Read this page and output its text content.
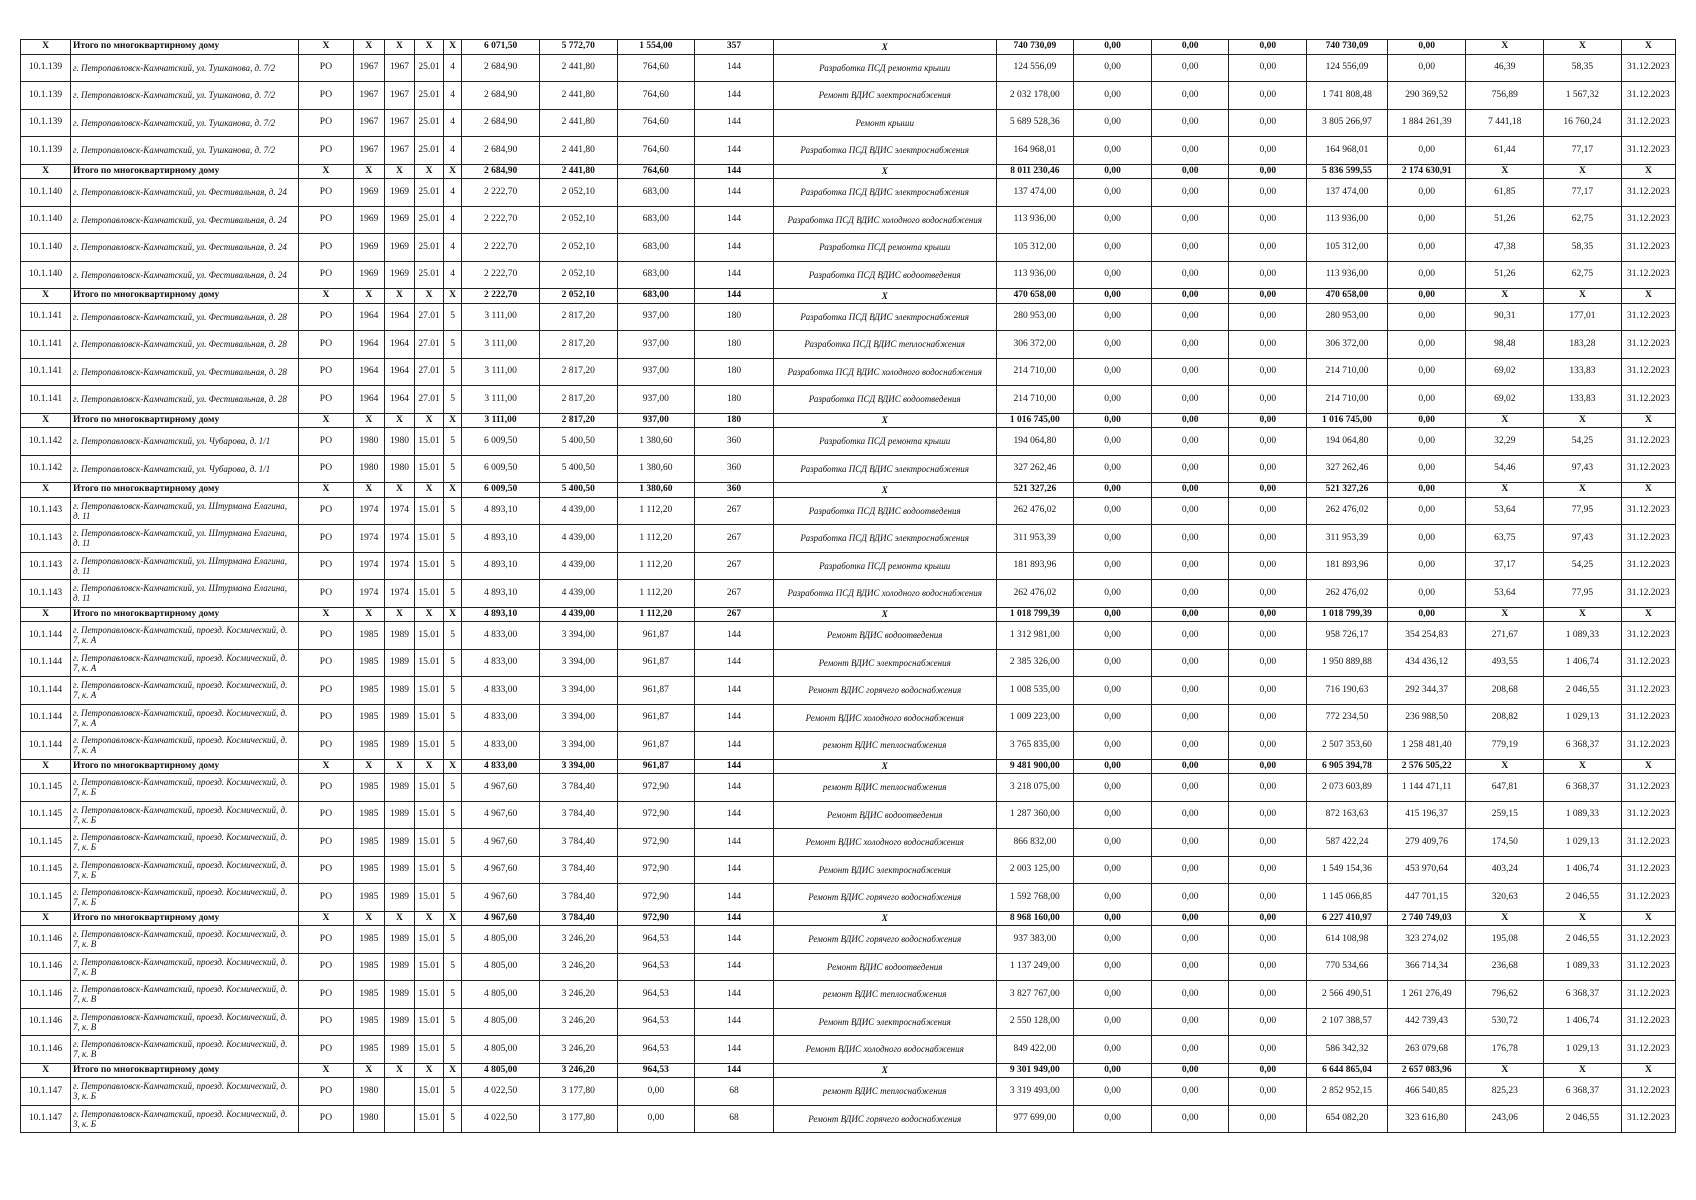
X	Итого по многоквартирному дому	X	X	X	X	X	6 071,50	5 772,70	1 554,00	357	X	740 730,09	0,00	0,00	0,00	740 730,09	0,00	X	X	X
10.1.139	г. Петропавловск-Камчатский, ул. Тушканова, д. 7/2	РО	1967	1967	25.01	4	2 684,90	2 441,80	764,60	144	Разработка ПСД ремонта крыши	124 556,09	0,00	0,00	0,00	124 556,09	0,00	46,39	58,35	31.12.2023
10.1.139	г. Петропавловск-Камчатский, ул. Тушканова, д. 7/2	РО	1967	1967	25.01	4	2 684,90	2 441,80	764,60	144	Ремонт ВДИС электроснабжения	2 032 178,00	0,00	0,00	0,00	1 741 808,48	290 369,52	756,89	1 567,32	31.12.2023
10.1.139	г. Петропавловск-Камчатский, ул. Тушканова, д. 7/2	РО	1967	1967	25.01	4	2 684,90	2 441,80	764,60	144	Ремонт крыши	5 689 528,36	0,00	0,00	0,00	3 805 266,97	1 884 261,39	7 441,18	16 760,24	31.12.2023
10.1.139	г. Петропавловск-Камчатский, ул. Тушканова, д. 7/2	РО	1967	1967	25.01	4	2 684,90	2 441,80	764,60	144	Разработка ПСД ВДИС электроснабжения	164 968,01	0,00	0,00	0,00	164 968,01	0,00	61,44	77,17	31.12.2023
X	Итого по многоквартирному дому	X	X	X	X	X	2 684,90	2 441,80	764,60	144	X	8 011 230,46	0,00	0,00	0,00	5 836 599,55	2 174 630,91	X	X	X
10.1.140	г. Петропавловск-Камчатский, ул. Фестивальная, д. 24	РО	1969	1969	25.01	4	2 222,70	2 052,10	683,00	144	Разработка ПСД ВДИС электроснабжения	137 474,00	0,00	0,00	0,00	137 474,00	0,00	61,85	77,17	31.12.2023
10.1.140	г. Петропавловск-Камчатский, ул. Фестивальная, д. 24	РО	1969	1969	25.01	4	2 222,70	2 052,10	683,00	144	Разработка ПСД ВДИС холодного водоснабжения	113 936,00	0,00	0,00	0,00	113 936,00	0,00	51,26	62,75	31.12.2023
10.1.140	г. Петропавловск-Камчатский, ул. Фестивальная, д. 24	РО	1969	1969	25.01	4	2 222,70	2 052,10	683,00	144	Разработка ПСД ремонта крыши	105 312,00	0,00	0,00	0,00	105 312,00	0,00	47,38	58,35	31.12.2023
10.1.140	г. Петропавловск-Камчатский, ул. Фестивальная, д. 24	РО	1969	1969	25.01	4	2 222,70	2 052,10	683,00	144	Разработка ПСД ВДИС водоотведения	113 936,00	0,00	0,00	0,00	113 936,00	0,00	51,26	62,75	31.12.2023
X	Итого по многоквартирному дому	X	X	X	X	X	2 222,70	2 052,10	683,00	144	X	470 658,00	0,00	0,00	0,00	470 658,00	0,00	X	X	X
10.1.141	г. Петропавловск-Камчатский, ул. Фестивальная, д. 28	РО	1964	1964	27.01	5	3 111,00	2 817,20	937,00	180	Разработка ПСД ВДИС электроснабжения	280 953,00	0,00	0,00	0,00	280 953,00	0,00	90,31	177,01	31.12.2023
10.1.141	г. Петропавловск-Камчатский, ул. Фестивальная, д. 28	РО	1964	1964	27.01	5	3 111,00	2 817,20	937,00	180	Разработка ПСД ВДИС теплоснабжения	306 372,00	0,00	0,00	0,00	306 372,00	0,00	98,48	183,28	31.12.2023
10.1.141	г. Петропавловск-Камчатский, ул. Фестивальная, д. 28	РО	1964	1964	27.01	5	3 111,00	2 817,20	937,00	180	Разработка ПСД ВДИС холодного водоснабжения	214 710,00	0,00	0,00	0,00	214 710,00	0,00	69,02	133,83	31.12.2023
10.1.141	г. Петропавловск-Камчатский, ул. Фестивальная, д. 28	РО	1964	1964	27.01	5	3 111,00	2 817,20	937,00	180	Разработка ПСД ВДИС водоотведения	214 710,00	0,00	0,00	0,00	214 710,00	0,00	69,02	133,83	31.12.2023
X	Итого по многоквартирному дому	X	X	X	X	X	3 111,00	2 817,20	937,00	180	X	1 016 745,00	0,00	0,00	0,00	1 016 745,00	0,00	X	X	X
10.1.142	г. Петропавловск-Камчатский, ул. Чубарова, д. 1/1	РО	1980	1980	15.01	5	6 009,50	5 400,50	1 380,60	360	Разработка ПСД ремонта крыши	194 064,80	0,00	0,00	0,00	194 064,80	0,00	32,29	54,25	31.12.2023
10.1.142	г. Петропавловск-Камчатский, ул. Чубарова, д. 1/1	РО	1980	1980	15.01	5	6 009,50	5 400,50	1 380,60	360	Разработка ПСД ВДИС электроснабжения	327 262,46	0,00	0,00	0,00	327 262,46	0,00	54,46	97,43	31.12.2023
X	Итого по многоквартирному дому	X	X	X	X	X	6 009,50	5 400,50	1 380,60	360	X	521 327,26	0,00	0,00	0,00	521 327,26	0,00	X	X	X
10.1.143	г. Петропавловск-Камчатский, ул. Штурмана Елагина, д. 11	РО	1974	1974	15.01	5	4 893,10	4 439,00	1 112,20	267	Разработка ПСД ВДИС водоотведения	262 476,02	0,00	0,00	0,00	262 476,02	0,00	53,64	77,95	31.12.2023
10.1.143	г. Петропавловск-Камчатский, ул. Штурмана Елагина, д. 11	РО	1974	1974	15.01	5	4 893,10	4 439,00	1 112,20	267	Разработка ПСД ВДИС электроснабжения	311 953,39	0,00	0,00	0,00	311 953,39	0,00	63,75	97,43	31.12.2023
10.1.143	г. Петропавловск-Камчатский, ул. Штурмана Елагина, д. 11	РО	1974	1974	15.01	5	4 893,10	4 439,00	1 112,20	267	Разработка ПСД ремонта крыши	181 893,96	0,00	0,00	0,00	181 893,96	0,00	37,17	54,25	31.12.2023
10.1.143	г. Петропавловск-Камчатский, ул. Штурмана Елагина, д. 11	РО	1974	1974	15.01	5	4 893,10	4 439,00	1 112,20	267	Разработка ПСД ВДИС холодного водоснабжения	262 476,02	0,00	0,00	0,00	262 476,02	0,00	53,64	77,95	31.12.2023
X	Итого по многоквартирному дому	X	X	X	X	X	4 893,10	4 439,00	1 112,20	267	X	1 018 799,39	0,00	0,00	0,00	1 018 799,39	0,00	X	X	X
10.1.144	г. Петропавловск-Камчатский, проезд. Космический, д. 7, к. А	РО	1985	1989	15.01	5	4 833,00	3 394,00	961,87	144	Ремонт ВДИС водоотведения	1 312 981,00	0,00	0,00	0,00	958 726,17	354 254,83	271,67	1 089,33	31.12.2023
10.1.144	г. Петропавловск-Камчатский, проезд. Космический, д. 7, к. А	РО	1985	1989	15.01	5	4 833,00	3 394,00	961,87	144	Ремонт ВДИС электроснабжения	2 385 326,00	0,00	0,00	0,00	1 950 889,88	434 436,12	493,55	1 406,74	31.12.2023
10.1.144	г. Петропавловск-Камчатский, проезд. Космический, д. 7, к. А	РО	1985	1989	15.01	5	4 833,00	3 394,00	961,87	144	Ремонт ВДИС горячего водоснабжения	1 008 535,00	0,00	0,00	0,00	716 190,63	292 344,37	208,68	2 046,55	31.12.2023
10.1.144	г. Петропавловск-Камчатский, проезд. Космический, д. 7, к. А	РО	1985	1989	15.01	5	4 833,00	3 394,00	961,87	144	Ремонт ВДИС холодного водоснабжения	1 009 223,00	0,00	0,00	0,00	772 234,50	236 988,50	208,82	1 029,13	31.12.2023
10.1.144	г. Петропавловск-Камчатский, проезд. Космический, д. 7, к. А	РО	1985	1989	15.01	5	4 833,00	3 394,00	961,87	144	ремонт ВДИС теплоснабжения	3 765 835,00	0,00	0,00	0,00	2 507 353,60	1 258 481,40	779,19	6 368,37	31.12.2023
X	Итого по многоквартирному дому	X	X	X	X	X	4 833,00	3 394,00	961,87	144	X	9 481 900,00	0,00	0,00	0,00	6 905 394,78	2 576 505,22	X	X	X
10.1.145	г. Петропавловск-Камчатский, проезд. Космический, д. 7, к. Б	РО	1985	1989	15.01	5	4 967,60	3 784,40	972,90	144	ремонт ВДИС теплоснабжения	3 218 075,00	0,00	0,00	0,00	2 073 603,89	1 144 471,11	647,81	6 368,37	31.12.2023
10.1.145	г. Петропавловск-Камчатский, проезд. Космический, д. 7, к. Б	РО	1985	1989	15.01	5	4 967,60	3 784,40	972,90	144	Ремонт ВДИС водоотведения	1 287 360,00	0,00	0,00	0,00	872 163,63	415 196,37	259,15	1 089,33	31.12.2023
10.1.145	г. Петропавловск-Камчатский, проезд. Космический, д. 7, к. Б	РО	1985	1989	15.01	5	4 967,60	3 784,40	972,90	144	Ремонт ВДИС холодного водоснабжения	866 832,00	0,00	0,00	0,00	587 422,24	279 409,76	174,50	1 029,13	31.12.2023
10.1.145	г. Петропавловск-Камчатский, проезд. Космический, д. 7, к. Б	РО	1985	1989	15.01	5	4 967,60	3 784,40	972,90	144	Ремонт ВДИС электроснабжения	2 003 125,00	0,00	0,00	0,00	1 549 154,36	453 970,64	403,24	1 406,74	31.12.2023
10.1.145	г. Петропавловск-Камчатский, проезд. Космический, д. 7, к. Б	РО	1985	1989	15.01	5	4 967,60	3 784,40	972,90	144	Ремонт ВДИС горячего водоснабжения	1 592 768,00	0,00	0,00	0,00	1 145 066,85	447 701,15	320,63	2 046,55	31.12.2023
X	Итого по многоквартирному дому	X	X	X	X	X	4 967,60	3 784,40	972,90	144	X	8 968 160,00	0,00	0,00	0,00	6 227 410,97	2 740 749,03	X	X	X
10.1.146	г. Петропавловск-Камчатский, проезд. Космический, д. 7, к. В	РО	1985	1989	15.01	5	4 805,00	3 246,20	964,53	144	Ремонт ВДИС горячего водоснабжения	937 383,00	0,00	0,00	0,00	614 108,98	323 274,02	195,08	2 046,55	31.12.2023
10.1.146	г. Петропавловск-Камчатский, проезд. Космический, д. 7, к. В	РО	1985	1989	15.01	5	4 805,00	3 246,20	964,53	144	Ремонт ВДИС водоотведения	1 137 249,00	0,00	0,00	0,00	770 534,66	366 714,34	236,68	1 089,33	31.12.2023
10.1.146	г. Петропавловск-Камчатский, проезд. Космический, д. 7, к. В	РО	1985	1989	15.01	5	4 805,00	3 246,20	964,53	144	ремонт ВДИС теплоснабжения	3 827 767,00	0,00	0,00	0,00	2 566 490,51	1 261 276,49	796,62	6 368,37	31.12.2023
10.1.146	г. Петропавловск-Камчатский, проезд. Космический, д. 7, к. В	РО	1985	1989	15.01	5	4 805,00	3 246,20	964,53	144	Ремонт ВДИС электроснабжения	2 550 128,00	0,00	0,00	0,00	2 107 388,57	442 739,43	530,72	1 406,74	31.12.2023
10.1.146	г. Петропавловск-Камчатский, проезд. Космический, д. 7, к. В	РО	1985	1989	15.01	5	4 805,00	3 246,20	964,53	144	Ремонт ВДИС холодного водоснабжения	849 422,00	0,00	0,00	0,00	586 342,32	263 079,68	176,78	1 029,13	31.12.2023
X	Итого по многоквартирному дому	X	X	X	X	X	4 805,00	3 246,20	964,53	144	X	9 301 949,00	0,00	0,00	0,00	6 644 865,04	2 657 083,96	X	X	X
10.1.147	г. Петропавловск-Камчатский, проезд. Космический, д. 3, к. Б	РО	1980		15.01	5	4 022,50	3 177,80	0,00	68	ремонт ВДИС теплоснабжения	3 319 493,00	0,00	0,00	0,00	2 852 952,15	466 540,85	825,23	6 368,37	31.12.2023
10.1.147	г. Петропавловск-Камчатский, проезд. Космический, д. 3, к. Б	РО	1980		15.01	5	4 022,50	3 177,80	0,00	68	Ремонт ВДИС горячего водоснабжения	977 699,00	0,00	0,00	0,00	654 082,20	323 616,80	243,06	2 046,55	31.12.2023
